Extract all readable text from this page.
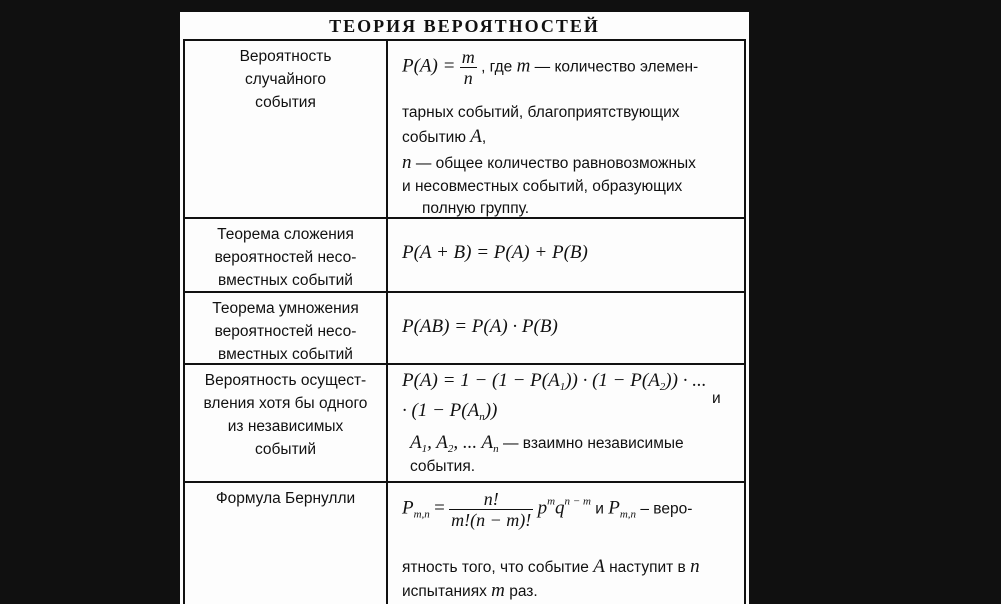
ТЕОРИЯ ВЕРОЯТНОСТЕЙ
Вероятность
случайного
события
$P(A) = \frac{m}{n}$ , где m — количество элемен-
тарных событий, благоприятствующих
событию A,
n — общее количество равновозможных
и несовместных событий, образующих
полную группу.
Теорема сложения
вероятностей несо-
вместных событий
P(A + B) = P(A) + P(B)
Теорема умножения
вероятностей несо-
вместных событий
P(AB) = P(A) · P(B)
Вероятность осущест-
вления хотя бы одного
из независимых
событий
$P(A) = 1 - (1 - P(A_1)) \cdot (1 - P(A_2))$ · ...
и
· $(1 - P(A_n))$
$A_1$, $A_2$, ... $A_n$ — взаимно независимые
события.
Формула Бернулли	$P_{m,n} = \frac{n!}{m!(n - m)!} p^mq^{n - m}$ и $P_{m,n}$ – веро-
ятность того, что событие A наступит в n
испытаниях m раз.
